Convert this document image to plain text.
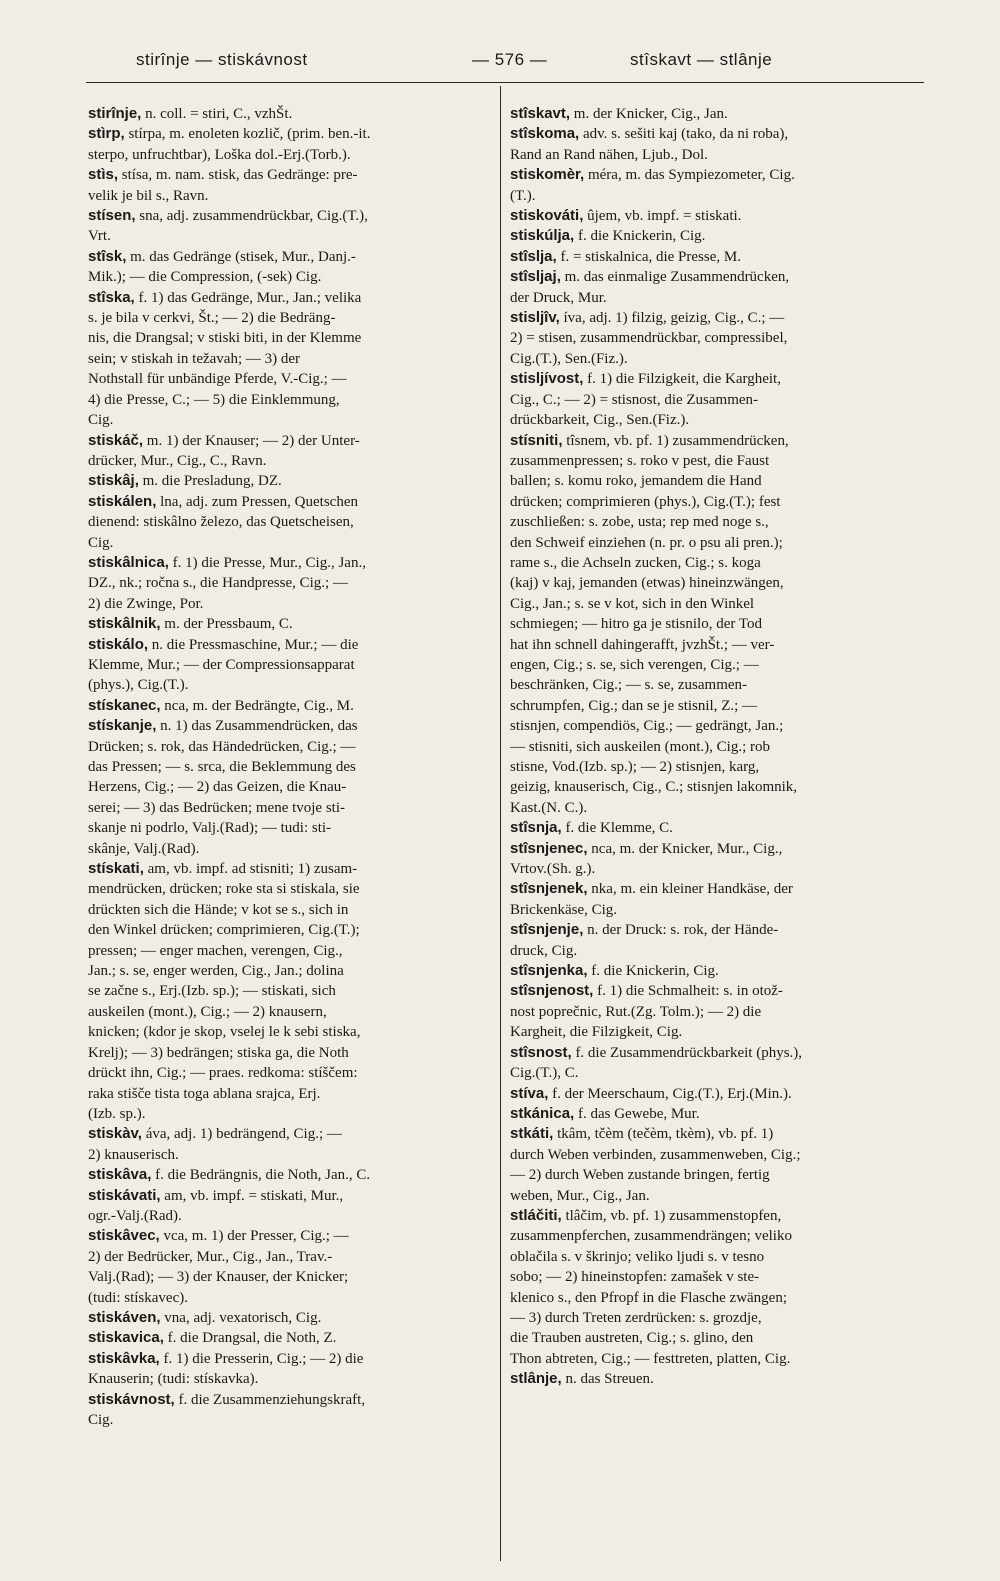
stirînje — stiskávnost	— 576 —	stîskavt — stlânje
stirînje, n. coll. = stiri, C., vzhŠt.
stìrp, stírpa, m. enoleten kozlič, (prim. ben.-it.
sterpo, unfruchtbar), Loška dol.-Erj.(Torb.).
stìs, stísa, m. nam. stisk, das Gedränge: pre-
velik je bil s., Ravn.
stísen, sna, adj. zusammendrückbar, Cig.(T.),
Vrt.
stîsk, m. das Gedränge (stisek, Mur., Danj.-
Mik.); — die Compression, (-sek) Cig.
stîska, f. 1) das Gedränge, Mur., Jan.; velika
s. je bila v cerkvi, Št.; — 2) die Bedräng-
nis, die Drangsal; v stiski biti, in der Klemme
sein; v stiskah in težavah; — 3) der
Nothstall für unbändige Pferde, V.-Cig.; —
4) die Presse, C.; — 5) die Einklemmung,
Cig.
stiskáč, m. 1) der Knauser; — 2) der Unter-
drücker, Mur., Cig., C., Ravn.
stiskâj, m. die Presladung, DZ.
stiskálen, lna, adj. zum Pressen, Quetschen
dienend: stiskâlno železo, das Quetscheisen,
Cig.
stiskâlnica, f. 1) die Presse, Mur., Cig., Jan.,
DZ., nk.; ročna s., die Handpresse, Cig.; —
2) die Zwinge, Por.
stiskâlnik, m. der Pressbaum, C.
stiskálo, n. die Pressmaschine, Mur.; — die
Klemme, Mur.; — der Compressionsapparat
(phys.), Cig.(T.).
stískanec, nca, m. der Bedrängte, Cig., M.
stískanje, n. 1) das Zusammendrücken, das
Drücken; s. rok, das Händedrücken, Cig.; —
das Pressen; — s. srca, die Beklemmung des
Herzens, Cig.; — 2) das Geizen, die Knau-
serei; — 3) das Bedrücken; mene tvoje sti-
skanje ni podrlo, Valj.(Rad); — tudi: sti-
skânje, Valj.(Rad).
stískati, am, vb. impf. ad stisniti; 1) zusam-
mendrücken, drücken; roke sta si stiskala, sie
drückten sich die Hände; v kot se s., sich in
den Winkel drücken; comprimieren, Cig.(T.);
pressen; — enger machen, verengen, Cig.,
Jan.; s. se, enger werden, Cig., Jan.; dolina
se začne s., Erj.(Izb. sp.); — stiskati, sich
auskeilen (mont.), Cig.; — 2) knausern,
knicken; (kdor je skop, vselej le k sebi stiska,
Krelj); — 3) bedrängen; stiska ga, die Noth
drückt ihn, Cig.; — praes. redkoma: stíščem:
raka stišče tista toga ablana srajca, Erj.
(Izb. sp.).
stiskàv, áva, adj. 1) bedrängend, Cig.; —
2) knauserisch.
stiskâva, f. die Bedrängnis, die Noth, Jan., C.
stiskávati, am, vb. impf. = stiskati, Mur.,
ogr.-Valj.(Rad).
stiskâvec, vca, m. 1) der Presser, Cig.; —
2) der Bedrücker, Mur., Cig., Jan., Trav.-
Valj.(Rad); — 3) der Knauser, der Knicker;
(tudi: stískavec).
stiskáven, vna, adj. vexatorisch, Cig.
stiskavica, f. die Drangsal, die Noth, Z.
stiskâvka, f. 1) die Presserin, Cig.; — 2) die
Knauserin; (tudi: stískavka).
stiskávnost, f. die Zusammenziehungskraft,
Cig.
stîskavt, m. der Knicker, Cig., Jan.
stîskoma, adv. s. sešiti kaj (tako, da ni roba),
Rand an Rand nähen, Ljub., Dol.
stiskomèr, méra, m. das Sympiezometer, Cig.
(T.).
stiskováti, ûjem, vb. impf. = stiskati.
stiskúlja, f. die Knickerin, Cig.
stîslja, f. = stiskalnica, die Presse, M.
stîsljaj, m. das einmalige Zusammendrücken,
der Druck, Mur.
stisljîv, íva, adj. 1) filzig, geizig, Cig., C.; —
2) = stisen, zusammendrückbar, compressibel,
Cig.(T.), Sen.(Fiz.).
stisljívost, f. 1) die Filzigkeit, die Kargheit,
Cig., C.; — 2) = stisnost, die Zusammen-
drückbarkeit, Cig., Sen.(Fiz.).
stísniti, tîsnem, vb. pf. 1) zusammendrücken,
zusammenpressen; s. roko v pest, die Faust
ballen; s. komu roko, jemandem die Hand
drücken; comprimieren (phys.), Cig.(T.); fest
zuschließen: s. zobe, usta; rep med noge s.,
den Schweif einziehen (n. pr. o psu ali pren.);
rame s., die Achseln zucken, Cig.; s. koga
(kaj) v kaj, jemanden (etwas) hineinzwängen,
Cig., Jan.; s. se v kot, sich in den Winkel
schmiegen; — hitro ga je stisnilo, der Tod
hat ihn schnell dahingerafft, jvzhŠt.; — ver-
engen, Cig.; s. se, sich verengen, Cig.; —
beschränken, Cig.; — s. se, zusammen-
schrumpfen, Cig.; dan se je stisnil, Z.; —
stisnjen, compendiös, Cig.; — gedrängt, Jan.;
— stisniti, sich auskeilen (mont.), Cig.; rob
stisne, Vod.(Izb. sp.); — 2) stisnjen, karg,
geizig, knauserisch, Cig., C.; stisnjen lakomnik,
Kast.(N. C.).
stîsnja, f. die Klemme, C.
stîsnjenec, nca, m. der Knicker, Mur., Cig.,
Vrtov.(Sh. g.).
stîsnjenek, nka, m. ein kleiner Handkäse, der
Brickenkäse, Cig.
stîsnjenje, n. der Druck: s. rok, der Hände-
druck, Cig.
stîsnjenka, f. die Knickerin, Cig.
stîsnjenost, f. 1) die Schmalheit: s. in otož-
nost poprečnic, Rut.(Zg. Tolm.); — 2) die
Kargheit, die Filzigkeit, Cig.
stîsnost, f. die Zusammendrückbarkeit (phys.),
Cig.(T.), C.
stíva, f. der Meerschaum, Cig.(T.), Erj.(Min.).
stkánica, f. das Gewebe, Mur.
stkáti, tkâm, tčèm (tečèm, tkèm), vb. pf. 1)
durch Weben verbinden, zusammenweben, Cig.;
— 2) durch Weben zustande bringen, fertig
weben, Mur., Cig., Jan.
stláčiti, tlâčim, vb. pf. 1) zusammenstopfen,
zusammenpferchen, zusammendrängen; veliko
oblačila s. v škrinjo; veliko ljudi s. v tesno
sobo; — 2) hineinstopfen: zamašek v ste-
klenico s., den Pfropf in die Flasche zwängen;
— 3) durch Treten zerdrücken: s. grozdje,
die Trauben austreten, Cig.; s. glino, den
Thon abtreten, Cig.; — festtreten, platten, Cig.
stlânje, n. das Streuen.
